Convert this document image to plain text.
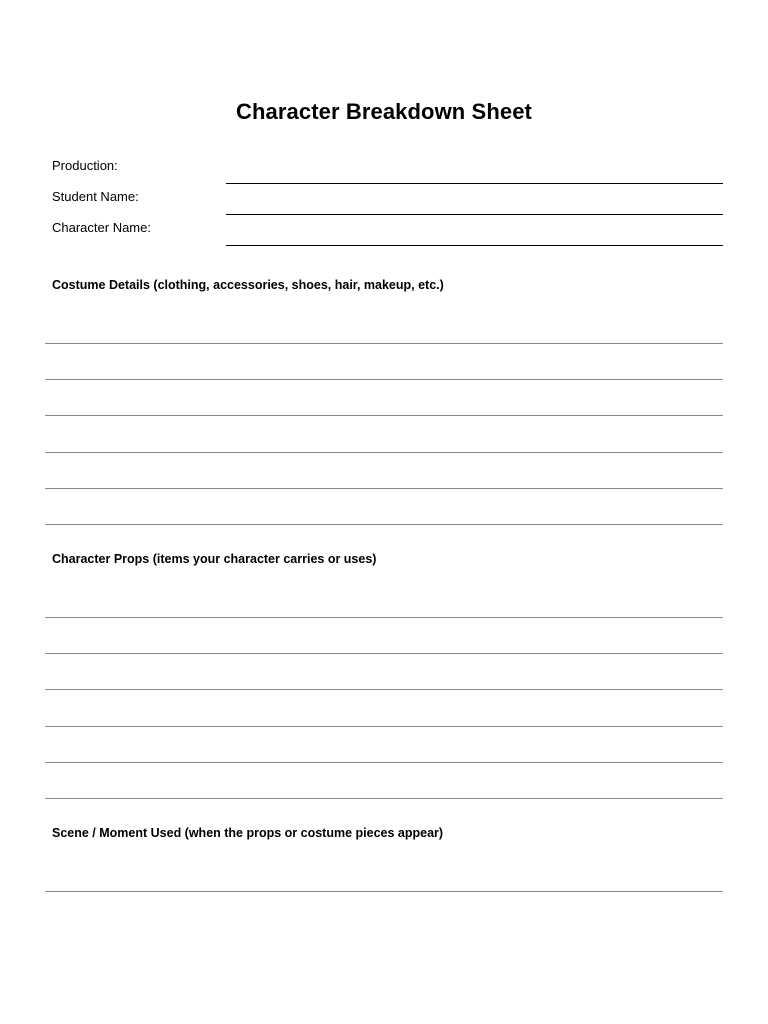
Character Breakdown Sheet
Production:
Student Name:
Character Name:
Costume Details (clothing, accessories, shoes, hair, makeup, etc.)
Character Props (items your character carries or uses)
Scene / Moment Used (when the props or costume pieces appear)
